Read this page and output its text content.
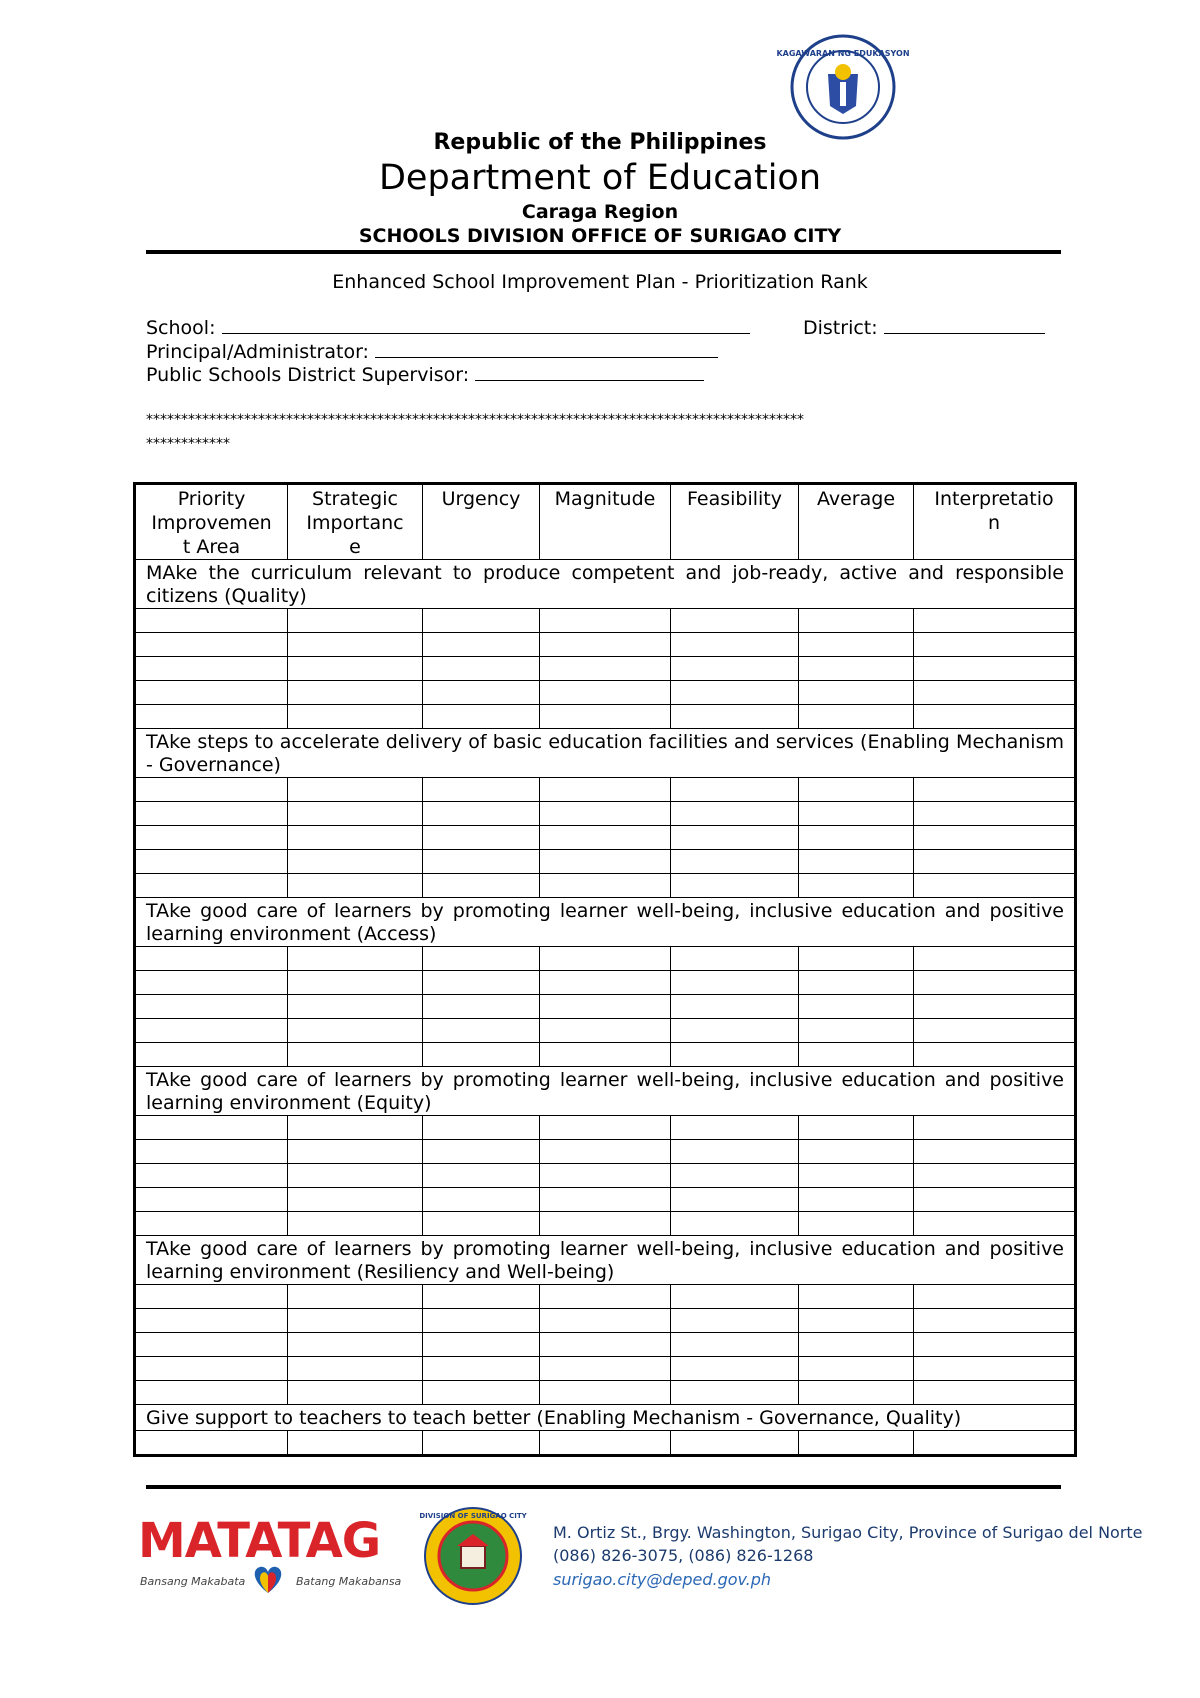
KAGAWARAN NG EDUKASYON
Republic of the Philippines
Department of Education
Caraga Region
SCHOOLS DIVISION OFFICE OF SURIGAO CITY
Enhanced School Improvement Plan - Prioritization Rank
School:	District:
Principal/Administrator:
Public Schools District Supervisor:
**********************************************************************************************
************
Priority
Improvemen
t Area	Strategic
Importanc
e	Urgency	Magnitude	Feasibility	Average	Interpretatio
n
MAke the curriculum relevant to produce competent and job-ready, active and responsible citizens (Quality)						

TAke steps to accelerate delivery of basic education facilities and services (Enabling Mechanism - Governance)						

TAke good care of learners by promoting learner well-being, inclusive education and positive learning environment (Access)						

TAke good care of learners by promoting learner well-being, inclusive education and positive learning environment (Equity)						

TAke good care of learners by promoting learner well-being, inclusive education and positive learning environment (Resiliency and Well-being)						

Give support to teachers to teach better (Enabling Mechanism - Governance, Quality)						

MATATAG
Bansang Makabata	Batang Makabansa
DIVISION OF SURIGAO CITY
M. Ortiz St., Brgy. Washington, Surigao City, Province of Surigao del Norte
(086) 826-3075, (086) 826-1268
surigao.city@deped.gov.ph
